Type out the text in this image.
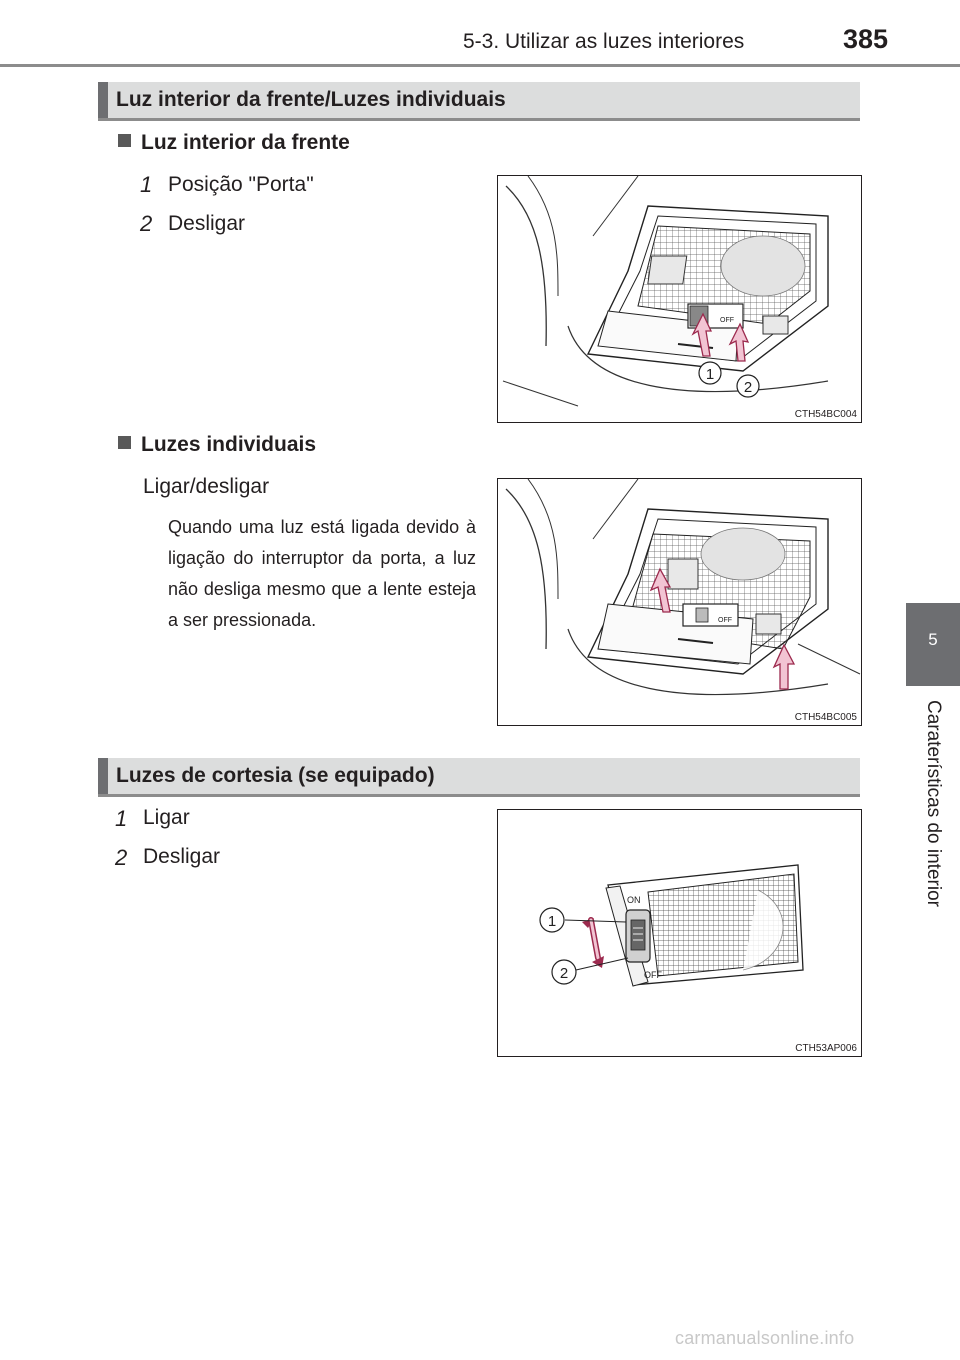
5-3. Utilizar as luzes interiores	385
5
Caraterísticas do interior
Luz interior da frente/Luzes individuais
Luz interior da frente
1 Posição "Porta"
2 Desligar
OFF
1
2
CTH54BC004
Luzes individuais
Ligar/desligar
Quando uma luz está ligada devido à ligação do interruptor da porta, a luz não desliga mesmo que a lente esteja a ser pressionada.	OFF
CTH54BC005
Luzes de cortesia (se equipado)
1 Ligar
2 Desligar
ON
OFF
1
2
CTH53AP006
carmanualsonline.info
